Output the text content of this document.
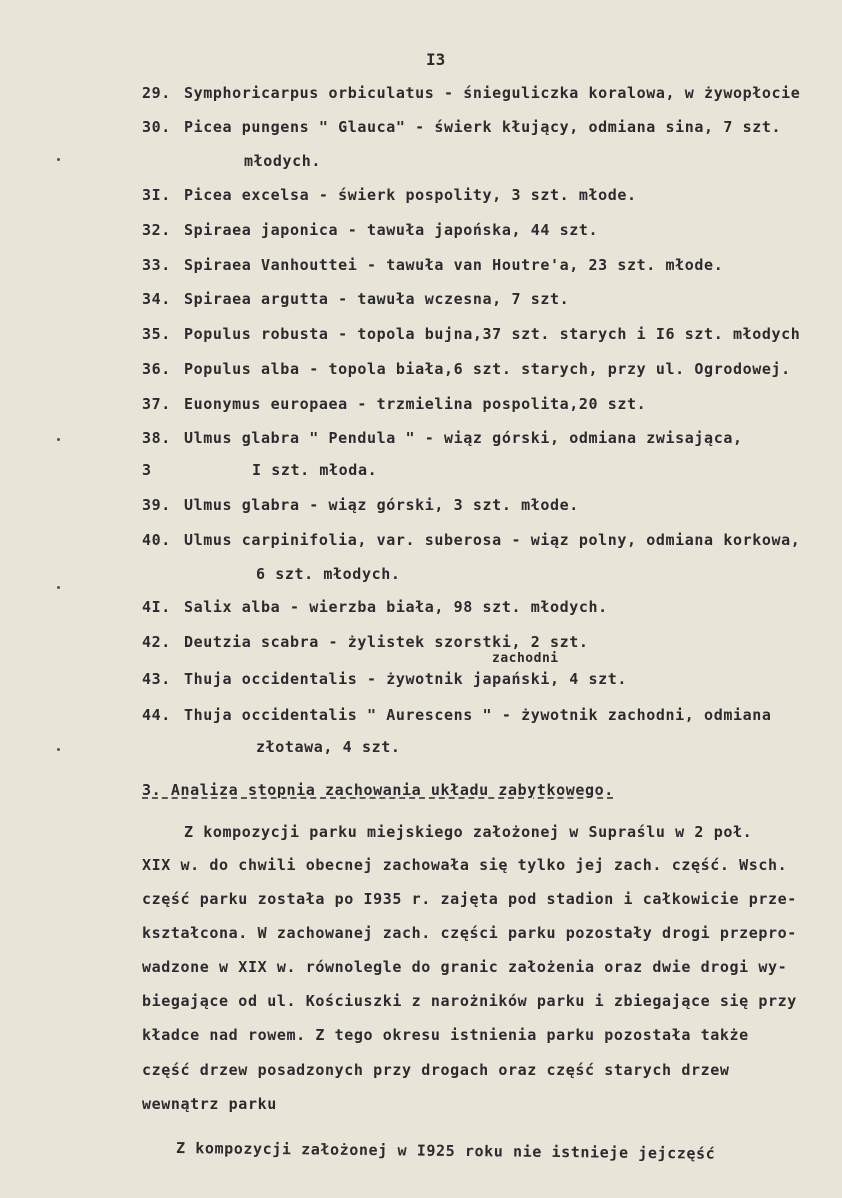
I3
29. Symphoricarpus orbiculatus - śnieguliczka koralowa, w żywopłocie
30. Picea pungens " Glauca" - świerk kłujący, odmiana sina, 7 szt.
młodych.
3I. Picea excelsa - świerk pospolity, 3 szt. młode.
32. Spiraea japonica - tawuła japońska, 44 szt.
33. Spiraea Vanhouttei - tawuła van Houtre'a, 23 szt. młode.
34. Spiraea argutta - tawuła wczesna, 7 szt.
35. Populus robusta - topola bujna,37 szt. starych i I6 szt. młodych
36. Populus alba - topola biała,6 szt. starych, przy ul. Ogrodowej.
37. Euonymus europaea - trzmielina pospolita,20 szt.
38. Ulmus glabra " Pendula " - wiąz górski, odmiana zwisająca,
3	I szt. młoda.
39. Ulmus glabra - wiąz górski, 3 szt. młode.
40. Ulmus carpinifolia, var. suberosa - wiąz polny, odmiana korkowa,
6 szt. młodych.
4I. Salix alba - wierzba biała, 98 szt. młodych.
42. Deutzia scabra - żylistek szorstki, 2 szt.
zachodni
43. Thuja occidentalis - żywotnik japański, 4 szt.
44. Thuja occidentalis " Aurescens " - żywotnik zachodni, odmiana
złotawa, 4 szt.
3. Analiza stopnia zachowania układu zabytkowego.
Z kompozycji parku miejskiego założonej w Supraślu w 2 poł.
XIX w. do chwili obecnej zachowała się tylko jej zach. część. Wsch.
część parku została po I935 r. zajęta pod stadion i całkowicie prze-
kształcona. W zachowanej zach. części parku pozostały drogi przepro-
wadzone w XIX w. równolegle do granic założenia oraz dwie drogi wy-
biegające od ul. Kościuszki z narożników parku i zbiegające się przy
kładce nad rowem. Z tego okresu istnienia parku pozostała także
część drzew posadzonych przy drogach oraz część starych drzew
wewnątrz parku
Z kompozycji założonej w I925 roku nie istnieje jejczęść
